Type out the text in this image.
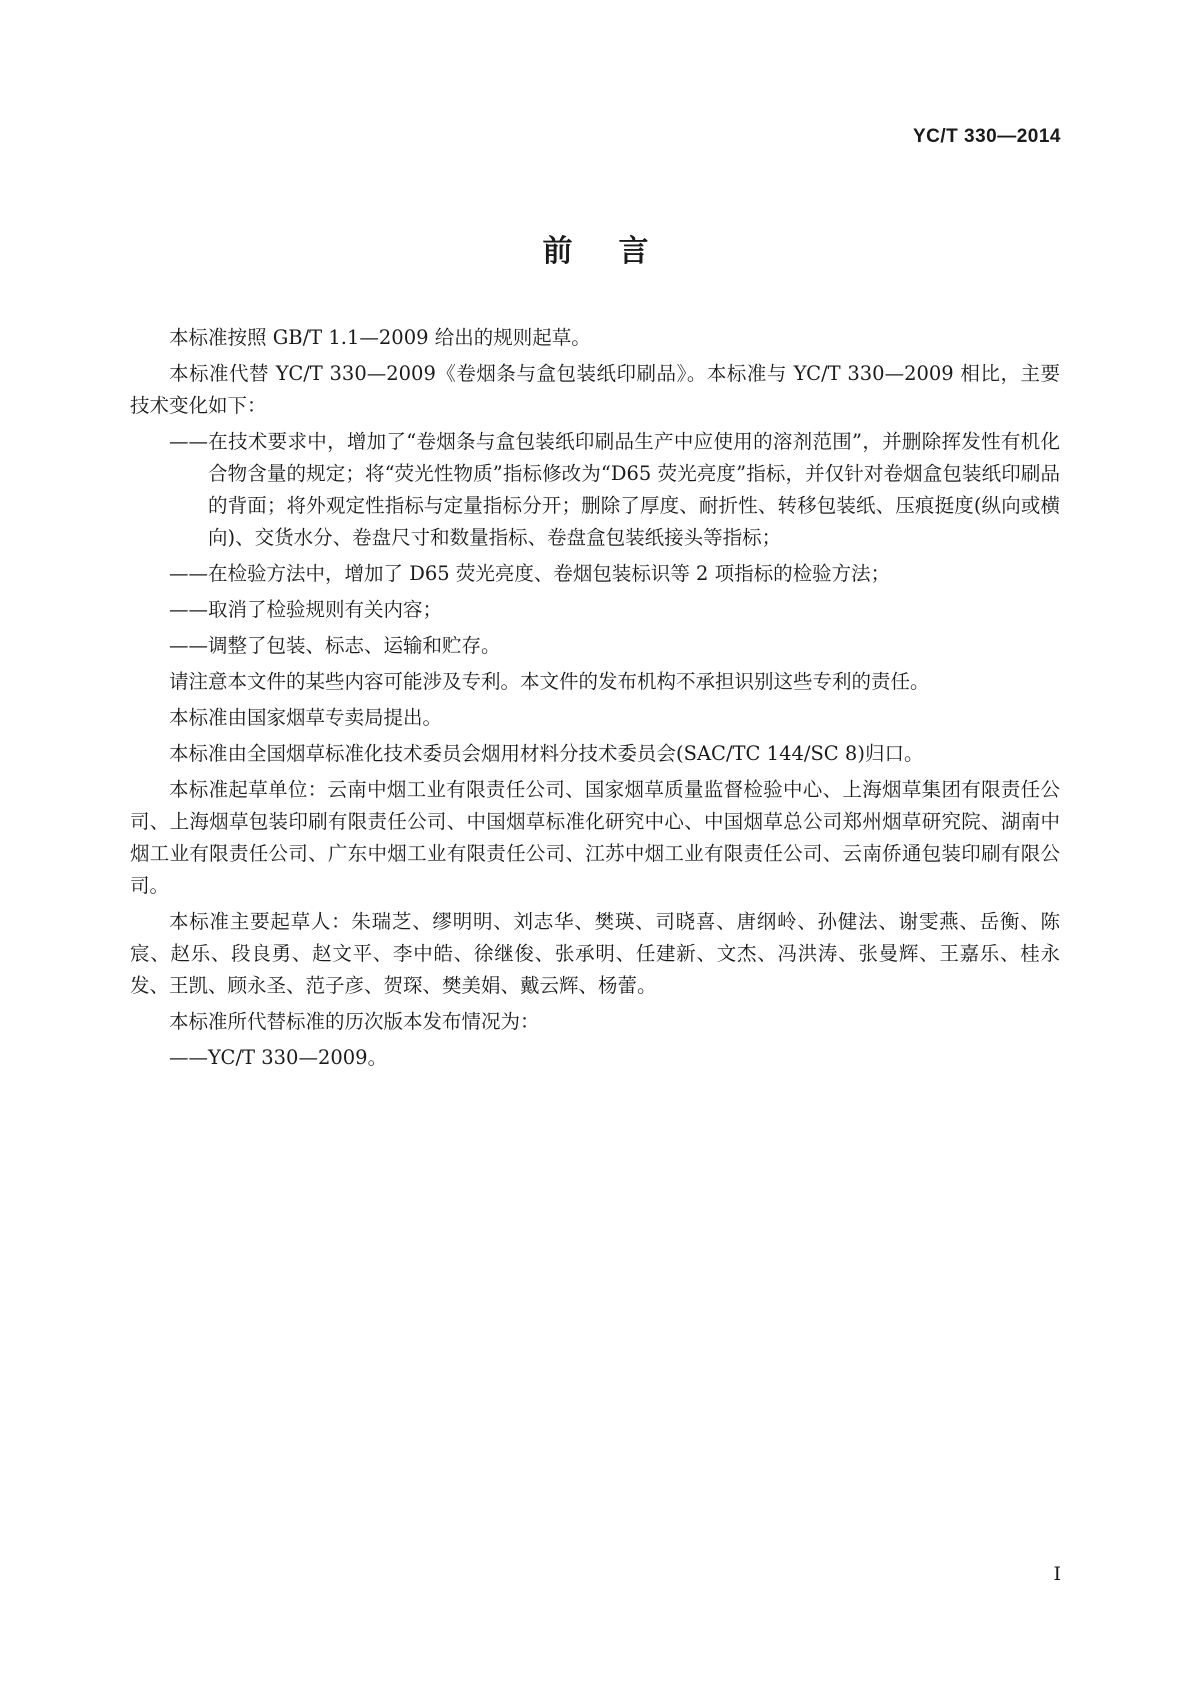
YC/T 330—2014
前言

本标准按照 GB/T 1.1—2009 给出的规则起草。

本标准代替 YC/T 330—2009《卷烟条与盒包装纸印刷品》。本标准与 YC/T 330—2009 相比，主要技术变化如下：

——在技术要求中，增加了“卷烟条与盒包装纸印刷品生产中应使用的溶剂范围”，并删除挥发性有机化合物含量的规定；将“荧光性物质”指标修改为“D65 荧光亮度”指标，并仅针对卷烟盒包装纸印刷品的背面；将外观定性指标与定量指标分开；删除了厚度、耐折性、转移包装纸、压痕挺度(纵向或横向)、交货水分、卷盘尺寸和数量指标、卷盘盒包装纸接头等指标；

——在检验方法中，增加了 D65 荧光亮度、卷烟包装标识等 2 项指标的检验方法；

——取消了检验规则有关内容；

——调整了包装、标志、运输和贮存。

请注意本文件的某些内容可能涉及专利。本文件的发布机构不承担识别这些专利的责任。

本标准由国家烟草专卖局提出。

本标准由全国烟草标准化技术委员会烟用材料分技术委员会(SAC/TC 144/SC 8)归口。

本标准起草单位：云南中烟工业有限责任公司、国家烟草质量监督检验中心、上海烟草集团有限责任公司、上海烟草包装印刷有限责任公司、中国烟草标准化研究中心、中国烟草总公司郑州烟草研究院、湖南中烟工业有限责任公司、广东中烟工业有限责任公司、江苏中烟工业有限责任公司、云南侨通包装印刷有限公司。

本标准主要起草人：朱瑞芝、缪明明、刘志华、樊瑛、司晓喜、唐纲岭、孙健法、谢雯燕、岳衡、陈宸、赵乐、段良勇、赵文平、李中皓、徐继俊、张承明、任建新、文杰、冯洪涛、张曼辉、王嘉乐、桂永发、王凯、顾永圣、范子彦、贺琛、樊美娟、戴云辉、杨蕾。

本标准所代替标准的历次版本发布情况为：

——YC/T 330—2009。

I
